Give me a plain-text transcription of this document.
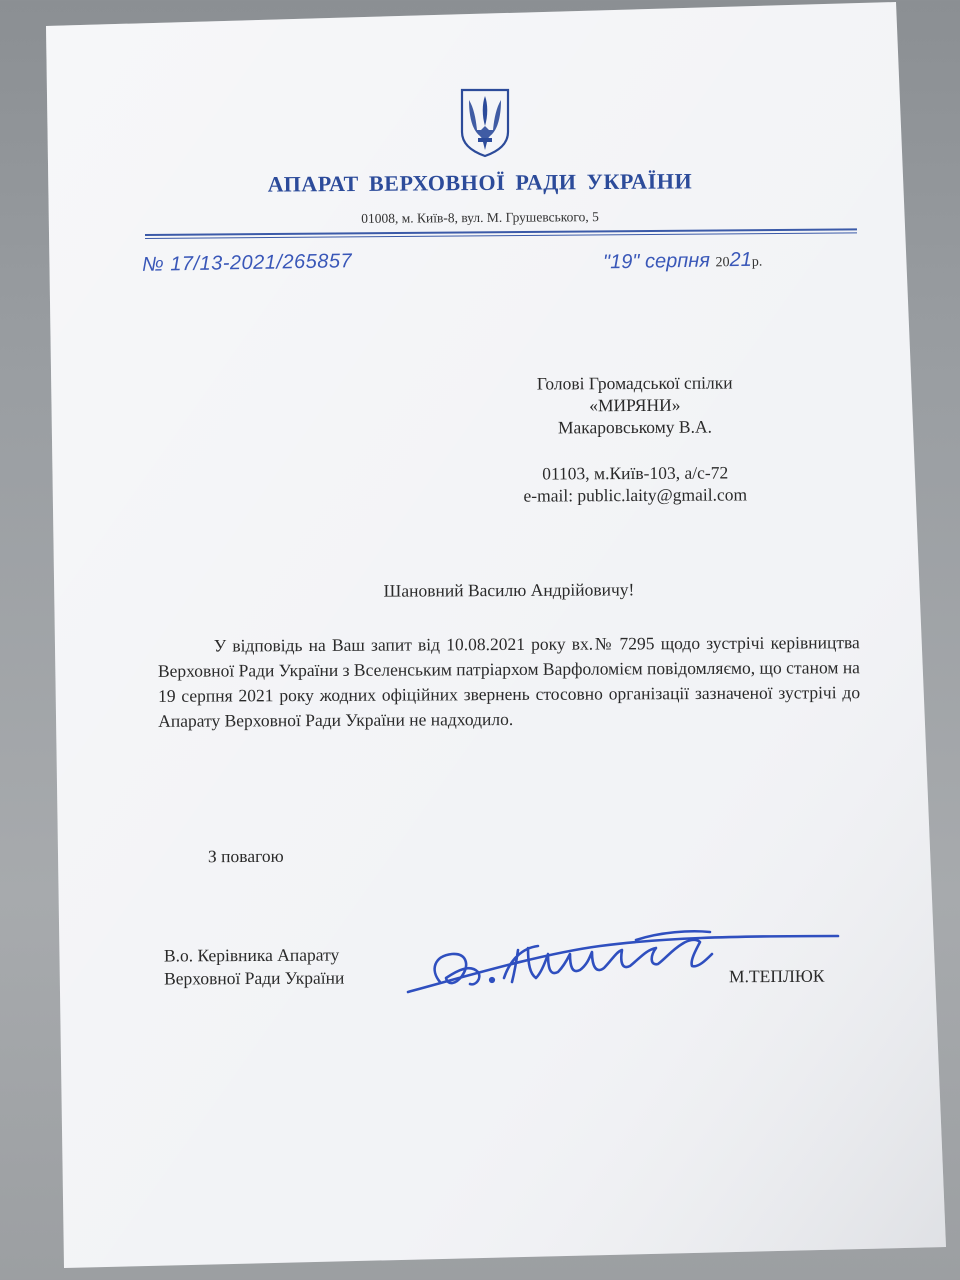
АПАРАТ ВЕРХОВНОЇ РАДИ УКРАЇНИ
01008, м. Київ-8, вул. М. Грушевського, 5
№ 17/13-2021/265857	"19" серпня 2021р.
Голові Громадської спілки
«МИРЯНИ»
Макаровському В.А.
01103, м.Київ-103, а/с-72
e-mail: public.laity@gmail.com
Шановний Василю Андрійовичу!
У відповідь на Ваш запит від 10.08.2021 року вх.№ 7295 щодо зустрічі керівництва Верховної Ради України з Вселенським патріархом Варфоломієм повідомляємо, що станом на 19 серпня 2021 року жодних офіційних звернень стосовно організації зазначеної зустрічі до Апарату Верховної Ради України не надходило.
З повагою
В.о. Керівника Апарату
Верховної Ради України	М.ТЕПЛЮК
